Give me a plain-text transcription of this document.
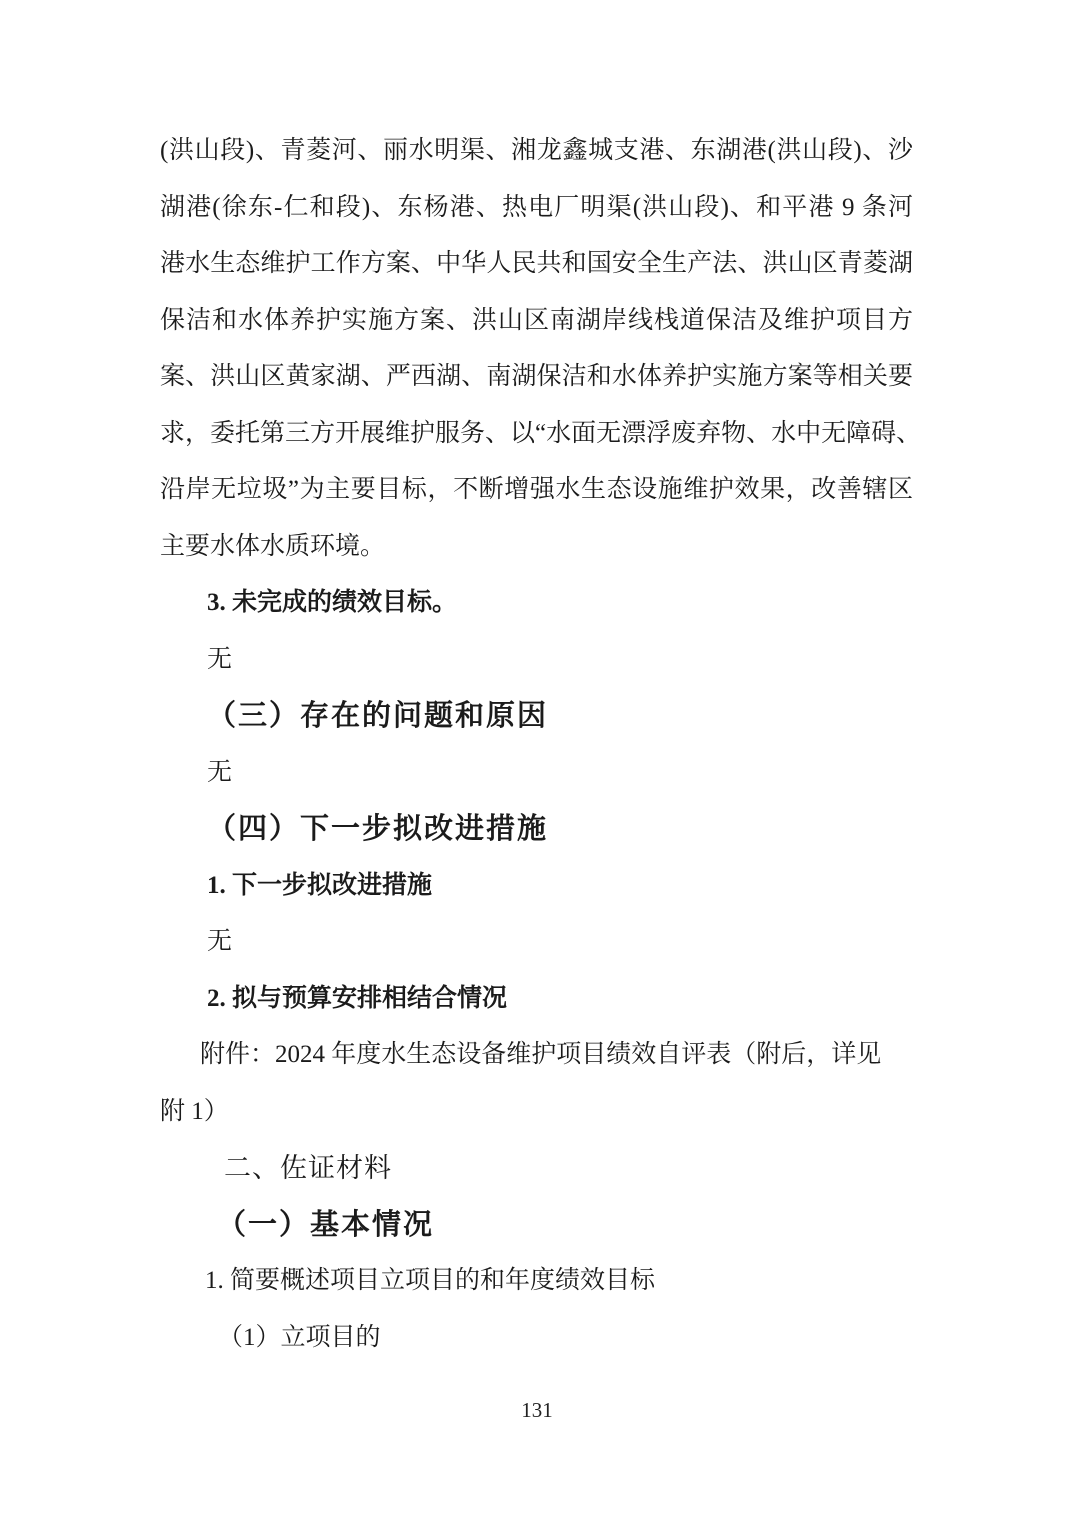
(洪山段)、青菱河、丽水明渠、湘龙鑫城支港、东湖港(洪山段)、沙
湖港(徐东-仁和段)、东杨港、热电厂明渠(洪山段)、和平港 9 条河
港水生态维护工作方案、中华人民共和国安全生产法、洪山区青菱湖
保洁和水体养护实施方案、洪山区南湖岸线栈道保洁及维护项目方
案、洪山区黄家湖、严西湖、南湖保洁和水体养护实施方案等相关要
求，委托第三方开展维护服务、以“水面无漂浮废弃物、水中无障碍、
沿岸无垃圾”为主要目标，不断增强水生态设施维护效果，改善辖区
主要水体水质环境。
3. 未完成的绩效目标。
无
（三）存在的问题和原因
无
（四）下一步拟改进措施
1. 下一步拟改进措施
无
2. 拟与预算安排相结合情况
附件：2024 年度水生态设备维护项目绩效自评表（附后，详见
附 1）
二、佐证材料
（一）基本情况
1. 简要概述项目立项目的和年度绩效目标
（1）立项目的
131
